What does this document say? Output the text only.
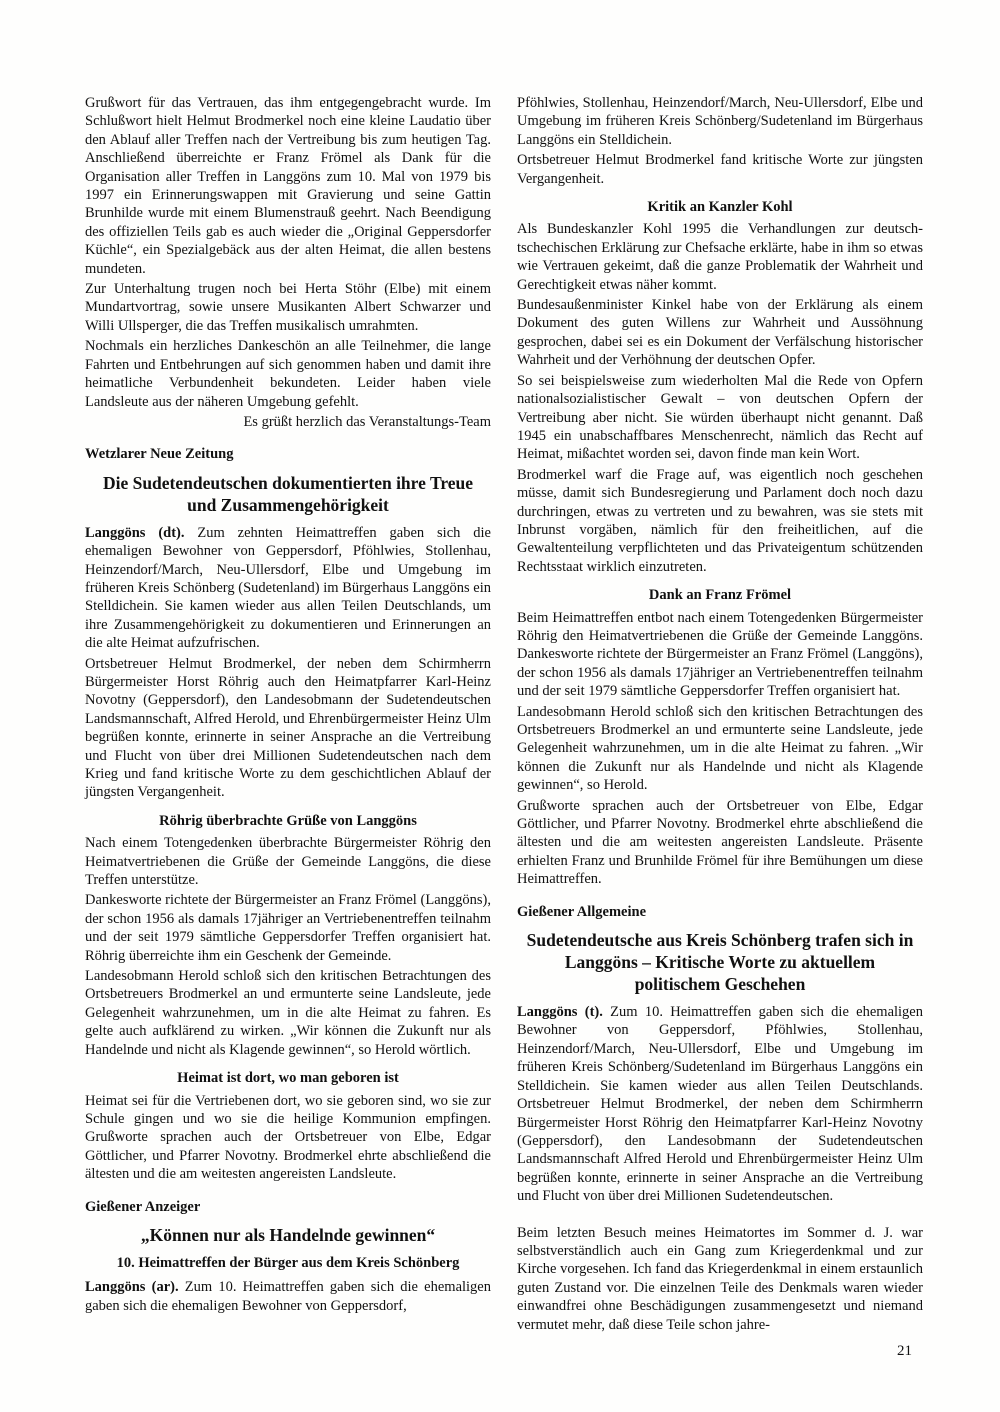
Grußwort für das Vertrauen, das ihm entgegengebracht wurde. Im Schlußwort hielt Helmut Brodmerkel noch eine kleine Laudatio über den Ablauf aller Treffen nach der Vertreibung bis zum heutigen Tag. Anschließend überreichte er Franz Frömel als Dank für die Organisation aller Treffen in Langgöns zum 10. Mal von 1979 bis 1997 ein Erinnerungswappen mit Gravierung und seine Gattin Brunhilde wurde mit einem Blumenstrauß geehrt. Nach Beendigung des offiziellen Teils gab es auch wieder die „Original Geppersdorfer Küchle“, ein Spezialgebäck aus der alten Heimat, die allen bestens mundeten.
Zur Unterhaltung trugen noch bei Herta Stöhr (Elbe) mit einem Mundartvortrag, sowie unsere Musikanten Albert Schwarzer und Willi Ullsperger, die das Treffen musikalisch umrahmten.
Nochmals ein herzliches Dankeschön an alle Teilnehmer, die lange Fahrten und Entbehrungen auf sich genommen haben und damit ihre heimatliche Verbundenheit bekundeten. Leider haben viele Landsleute aus der näheren Umgebung gefehlt.
Es grüßt herzlich das Veranstaltungs-Team
Wetzlarer Neue Zeitung
Die Sudetendeutschen dokumentierten ihre Treue und Zusammengehörigkeit
Langgöns (dt). Zum zehnten Heimattreffen gaben sich die ehemaligen Bewohner von Geppersdorf, Pföhlwies, Stollenhau, Heinzendorf/March, Neu-Ullersdorf, Elbe und Umgebung im früheren Kreis Schönberg (Sudetenland) im Bürgerhaus Langgöns ein Stelldichein. Sie kamen wieder aus allen Teilen Deutschlands, um ihre Zusammengehörigkeit zu dokumentieren und Erinnerungen an die alte Heimat aufzufrischen.
Ortsbetreuer Helmut Brodmerkel, der neben dem Schirmherrn Bürgermeister Horst Röhrig auch den Heimatpfarrer Karl-Heinz Novotny (Geppersdorf), den Landesobmann der Sudetendeutschen Landsmannschaft, Alfred Herold, und Ehrenbürgermeister Heinz Ulm begrüßen konnte, erinnerte in seiner Ansprache an die Vertreibung und Flucht von über drei Millionen Sudetendeutschen nach dem Krieg und fand kritische Worte zu dem geschichtlichen Ablauf der jüngsten Vergangenheit.
Röhrig überbrachte Grüße von Langgöns
Nach einem Totengedenken überbrachte Bürgermeister Röhrig den Heimatvertriebenen die Grüße der Gemeinde Langgöns, die diese Treffen unterstütze.
Dankesworte richtete der Bürgermeister an Franz Frömel (Langgöns), der schon 1956 als damals 17jähriger an Vertriebenentreffen teilnahm und der seit 1979 sämtliche Geppersdorfer Treffen organisiert hat. Röhrig überreichte ihm ein Geschenk der Gemeinde.
Landesobmann Herold schloß sich den kritischen Betrachtungen des Ortsbetreuers Brodmerkel an und ermunterte seine Landsleute, jede Gelegenheit wahrzunehmen, um in die alte Heimat zu fahren. Es gelte auch aufklärend zu wirken. „Wir können die Zukunft nur als Handelnde und nicht als Klagende gewinnen“, so Herold wörtlich.
Heimat ist dort, wo man geboren ist
Heimat sei für die Vertriebenen dort, wo sie geboren sind, wo sie zur Schule gingen und wo sie die heilige Kommunion empfingen. Grußworte sprachen auch der Ortsbetreuer von Elbe, Edgar Göttlicher, und Pfarrer Novotny. Brodmerkel ehrte abschließend die ältesten und die am weitesten angereisten Landsleute.
Gießener Anzeiger
„Können nur als Handelnde gewinnen“
10. Heimattreffen der Bürger aus dem Kreis Schönberg
Langgöns (ar). Zum 10. Heimattreffen gaben sich die ehemaligen gaben sich die ehemaligen Bewohner von Geppersdorf,
Pföhlwies, Stollenhau, Heinzendorf/March, Neu-Ullersdorf, Elbe und Umgebung im früheren Kreis Schönberg/Sudetenland im Bürgerhaus Langgöns ein Stelldichein.
Ortsbetreuer Helmut Brodmerkel fand kritische Worte zur jüngsten Vergangenheit.
Kritik an Kanzler Kohl
Als Bundeskanzler Kohl 1995 die Verhandlungen zur deutsch-tschechischen Erklärung zur Chefsache erklärte, habe in ihm so etwas wie Vertrauen gekeimt, daß die ganze Problematik der Wahrheit und Gerechtigkeit etwas näher kommt.
Bundesaußenminister Kinkel habe von der Erklärung als einem Dokument des guten Willens zur Wahrheit und Aussöhnung gesprochen, dabei sei es ein Dokument der Verfälschung historischer Wahrheit und der Verhöhnung der deutschen Opfer.
So sei beispielsweise zum wiederholten Mal die Rede von Opfern nationalsozialistischer Gewalt – von deutschen Opfern der Vertreibung aber nicht. Sie würden überhaupt nicht genannt. Daß 1945 ein unabschaffbares Menschenrecht, nämlich das Recht auf Heimat, mißachtet worden sei, davon finde man kein Wort.
Brodmerkel warf die Frage auf, was eigentlich noch geschehen müsse, damit sich Bundesregierung und Parlament doch noch dazu durchringen, etwas zu vertreten und zu bewahren, was sie stets mit Inbrunst vorgäben, nämlich für den freiheitlichen, auf die Gewaltenteilung verpflichteten und das Privateigentum schützenden Rechtsstaat wirklich einzutreten.
Dank an Franz Frömel
Beim Heimattreffen entbot nach einem Totengedenken Bürgermeister Röhrig den Heimatvertriebenen die Grüße der Gemeinde Langgöns. Dankesworte richtete der Bürgermeister an Franz Frömel (Langgöns), der schon 1956 als damals 17jähriger an Vertriebenentreffen teilnahm und der seit 1979 sämtliche Geppersdorfer Treffen organisiert hat.
Landesobmann Herold schloß sich den kritischen Betrachtungen des Ortsbetreuers Brodmerkel an und ermunterte seine Landsleute, jede Gelegenheit wahrzunehmen, um in die alte Heimat zu fahren. „Wir können die Zukunft nur als Handelnde und nicht als Klagende gewinnen“, so Herold.
Grußworte sprachen auch der Ortsbetreuer von Elbe, Edgar Göttlicher, und Pfarrer Novotny. Brodmerkel ehrte abschließend die ältesten und die am weitesten angereisten Landsleute. Präsente erhielten Franz und Brunhilde Frömel für ihre Bemühungen um diese Heimattreffen.
Gießener Allgemeine
Sudetendeutsche aus Kreis Schönberg trafen sich in Langgöns – Kritische Worte zu aktuellem politischem Geschehen
Langgöns (t). Zum 10. Heimattreffen gaben sich die ehemaligen Bewohner von Geppersdorf, Pföhlwies, Stollenhau, Heinzendorf/March, Neu-Ullersdorf, Elbe und Umgebung im früheren Kreis Schönberg/Sudetenland im Bürgerhaus Langgöns ein Stelldichein. Sie kamen wieder aus allen Teilen Deutschlands. Ortsbetreuer Helmut Brodmerkel, der neben dem Schirmherrn Bürgermeister Horst Röhrig den Heimatpfarrer Karl-Heinz Novotny (Geppersdorf), den Landesobmann der Sudetendeutschen Landsmannschaft Alfred Herold und Ehrenbürgermeister Heinz Ulm begrüßen konnte, erinnerte in seiner Ansprache an die Vertreibung und Flucht von über drei Millionen Sudetendeutschen.
Beim letzten Besuch meines Heimatortes im Sommer d. J. war selbstverständlich auch ein Gang zum Kriegerdenkmal und zur Kirche vorgesehen. Ich fand das Kriegerdenkmal in einem erstaunlich guten Zustand vor. Die einzelnen Teile des Denkmals waren wieder einwandfrei ohne Beschädigungen zusammengesetzt und niemand vermutet mehr, daß diese Teile schon jahre-
21
